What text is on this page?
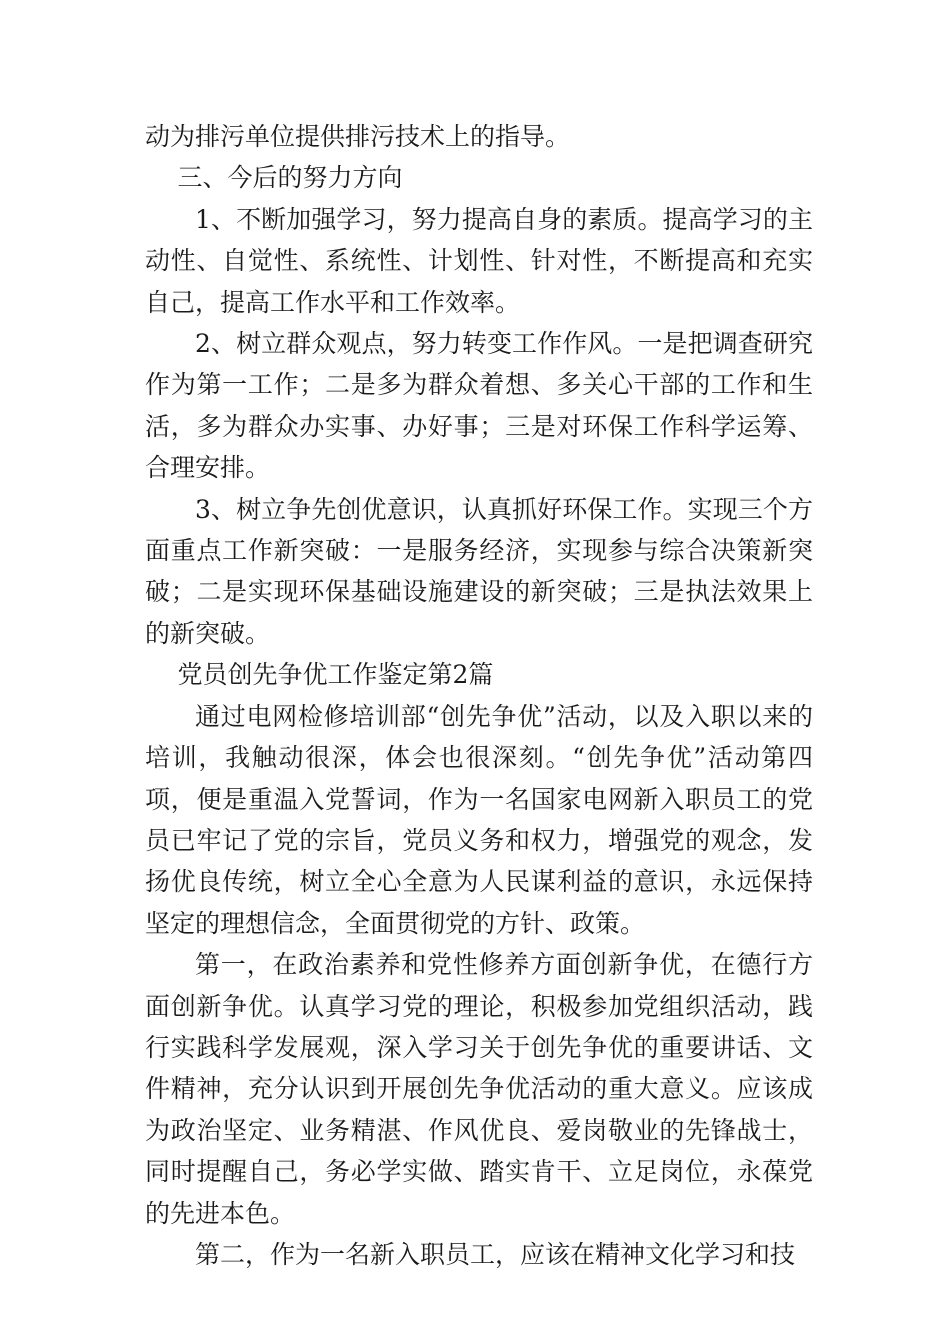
动为排污单位提供排污技术上的指导。

三、今后的努力方向

1、不断加强学习，努力提高自身的素质。提高学习的主动性、自觉性、系统性、计划性、针对性，不断提高和充实自己，提高工作水平和工作效率。

2、树立群众观点，努力转变工作作风。一是把调查研究作为第一工作；二是多为群众着想、多关心干部的工作和生活，多为群众办实事、办好事；三是对环保工作科学运筹、合理安排。

3、树立争先创优意识，认真抓好环保工作。实现三个方面重点工作新突破：一是服务经济，实现参与综合决策新突破；二是实现环保基础设施建设的新突破；三是执法效果上的新突破。

党员创先争优工作鉴定第2篇

通过电网检修培训部“创先争优”活动，以及入职以来的培训，我触动很深，体会也很深刻。“创先争优”活动第四项，便是重温入党誓词，作为一名国家电网新入职员工的党员已牢记了党的宗旨，党员义务和权力，增强党的观念，发扬优良传统，树立全心全意为人民谋利益的意识，永远保持坚定的理想信念，全面贯彻党的方针、政策。

第一，在政治素养和党性修养方面创新争优，在德行方面创新争优。认真学习党的理论，积极参加党组织活动，践行实践科学发展观，深入学习关于创先争优的重要讲话、文件精神，充分认识到开展创先争优活动的重大意义。应该成为政治坚定、业务精湛、作风优良、爱岗敬业的先锋战士，同时提醒自己，务必学实做、踏实肯干、立足岗位，永葆党的先进本色。

第二，作为一名新入职员工，应该在精神文化学习和技
